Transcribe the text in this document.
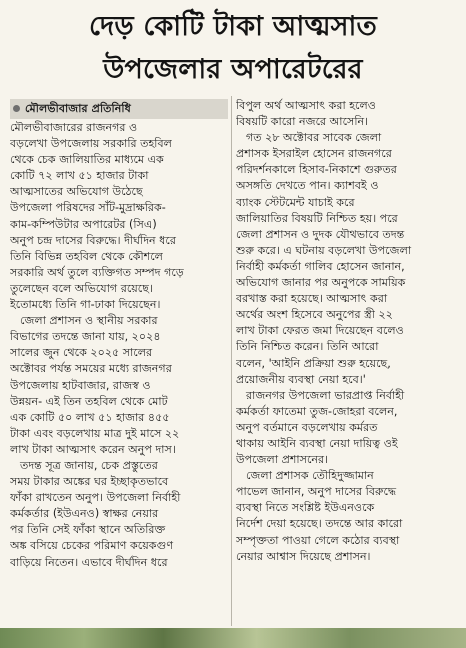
দেড় কোটি টাকা আত্মসাত
উপজেলার অপারেটরের
মৌলভীবাজার প্রতিনিধি
মৌলভীবাজারের রাজনগর ও
বড়লেখা উপজেলায় সরকারি তহবিল
থেকে চেক জালিয়াতির মাধ্যমে এক
কোটি ৭২ লাখ ৫১ হাজার টাকা
আত্মসাতের অভিযোগ উঠেছে
উপজেলা পরিষদের সাঁট-মুদ্রাক্ষরিক-
কাম-কম্পিউটার অপারেটর (সিএ)
অনুপ চন্দ্র দাসের বিরুদ্ধে। দীর্ঘদিন ধরে
তিনি বিভিন্ন তহবিল থেকে কৌশলে
সরকারি অর্থ তুলে ব্যক্তিগত সম্পদ গড়ে
তুলেছেন বলে অভিযোগ রয়েছে।
ইতোমধ্যে তিনি গা-ঢাকা দিয়েছেন।
জেলা প্রশাসন ও স্থানীয় সরকার
বিভাগের তদন্তে জানা যায়, ২০২৪
সালের জুন থেকে ২০২৫ সালের
অক্টোবর পর্যন্ত সময়ের মধ্যে রাজনগর
উপজেলায় হাটবাজার, রাজস্ব ও
উন্নয়ন- এই তিন তহবিল থেকে মোট
এক কোটি ৫০ লাখ ৫১ হাজার ৪৫৫
টাকা এবং বড়লেখায় মাত্র দুই মাসে ২২
লাখ টাকা আত্মসাৎ করেন অনুপ দাস।
তদন্ত সূত্র জানায়, চেক প্রস্তুতের
সময় টাকার অঙ্কের ঘর ইচ্ছাকৃতভাবে
ফাঁকা রাখতেন অনুপ। উপজেলা নির্বাহী
কর্মকর্তার (ইউএনও) স্বাক্ষর নেয়ার
পর তিনি সেই ফাঁকা স্থানে অতিরিক্ত
অঙ্ক বসিয়ে চেকের পরিমাণ কয়েকগুণ
বাড়িয়ে নিতেন। এভাবে দীর্ঘদিন ধরে
বিপুল অর্থ আত্মসাৎ করা হলেও
বিষয়টি কারো নজরে আসেনি।
গত ২৮ অক্টোবর সাবেক জেলা
প্রশাসক ইসরাইল হোসেন রাজনগরে
পরিদর্শনকালে হিসাব-নিকাশে গুরুতর
অসঙ্গতি দেখতে পান। ক্যাশবই ও
ব্যাংক স্টেটমেন্ট যাচাই করে
জালিয়াতির বিষয়টি নিশ্চিত হয়। পরে
জেলা প্রশাসন ও দুদক যৌথভাবে তদন্ত
শুরু করে। এ ঘটনায় বড়লেখা উপজেলা
নির্বাহী কর্মকর্তা গালিব হোসেন জানান,
অভিযোগ জানার পর অনুপকে সাময়িক
বরখাস্ত করা হয়েছে। আত্মসাৎ করা
অর্থের অংশ হিসেবে অনুপের স্ত্রী ২২
লাখ টাকা ফেরত জমা দিয়েছেন বলেও
তিনি নিশ্চিত করেন। তিনি আরো
বলেন, 'আইনি প্রক্রিয়া শুরু হয়েছে,
প্রয়োজনীয় ব্যবস্থা নেয়া হবে।'
রাজনগর উপজেলা ভারপ্রাপ্ত নির্বাহী
কর্মকর্তা ফাতেমা তুজ-জোহরা বলেন,
অনুপ বর্তমানে বড়লেখায় কর্মরত
থাকায় আইনি ব্যবস্থা নেয়া দায়িত্ব ওই
উপজেলা প্রশাসনের।
জেলা প্রশাসক তৌহিদুজ্জামান
পাভেল জানান, অনুপ দাসের বিরুদ্ধে
ব্যবস্থা নিতে সংশ্লিষ্ট ইউএনওকে
নির্দেশ দেয়া হয়েছে। তদন্তে আর কারো
সম্পৃক্ততা পাওয়া গেলে কঠোর ব্যবস্থা
নেয়ার আশ্বাস দিয়েছে প্রশাসন।
